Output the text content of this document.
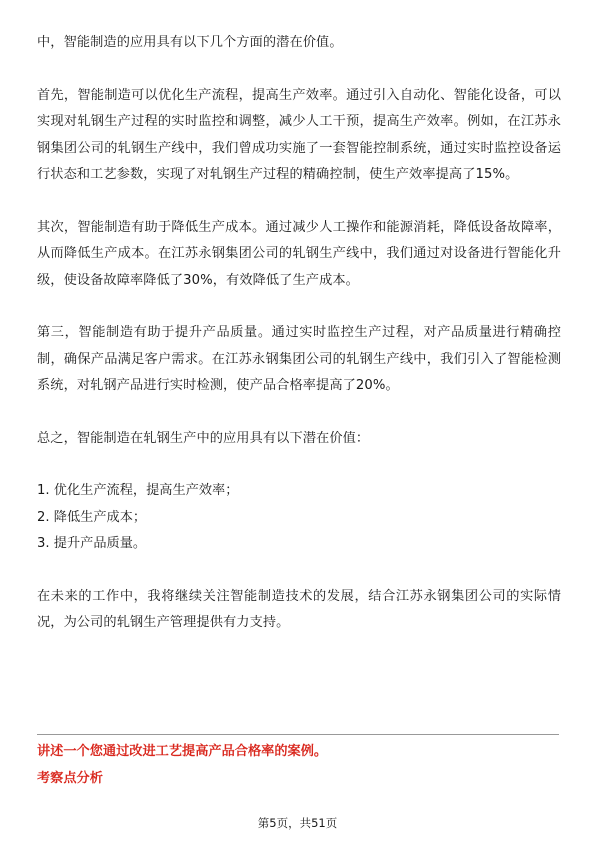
中，智能制造的应用具有以下几个方面的潜在价值。

首先，智能制造可以优化生产流程，提高生产效率。通过引入自动化、智能化设备，可以实现对轧钢生产过程的实时监控和调整，减少人工干预，提高生产效率。例如，在江苏永钢集团公司的轧钢生产线中，我们曾成功实施了一套智能控制系统，通过实时监控设备运行状态和工艺参数，实现了对轧钢生产过程的精确控制，使生产效率提高了15%。

其次，智能制造有助于降低生产成本。通过减少人工操作和能源消耗，降低设备故障率，从而降低生产成本。在江苏永钢集团公司的轧钢生产线中，我们通过对设备进行智能化升级，使设备故障率降低了30%，有效降低了生产成本。

第三，智能制造有助于提升产品质量。通过实时监控生产过程，对产品质量进行精确控制，确保产品满足客户需求。在江苏永钢集团公司的轧钢生产线中，我们引入了智能检测系统，对轧钢产品进行实时检测，使产品合格率提高了20%。

总之，智能制造在轧钢生产中的应用具有以下潜在价值：

1. 优化生产流程，提高生产效率；

2. 降低生产成本；

3. 提升产品质量。

在未来的工作中，我将继续关注智能制造技术的发展，结合江苏永钢集团公司的实际情况，为公司的轧钢生产管理提供有力支持。

讲述一个您通过改进工艺提高产品合格率的案例。

考察点分析

第5页，共51页
